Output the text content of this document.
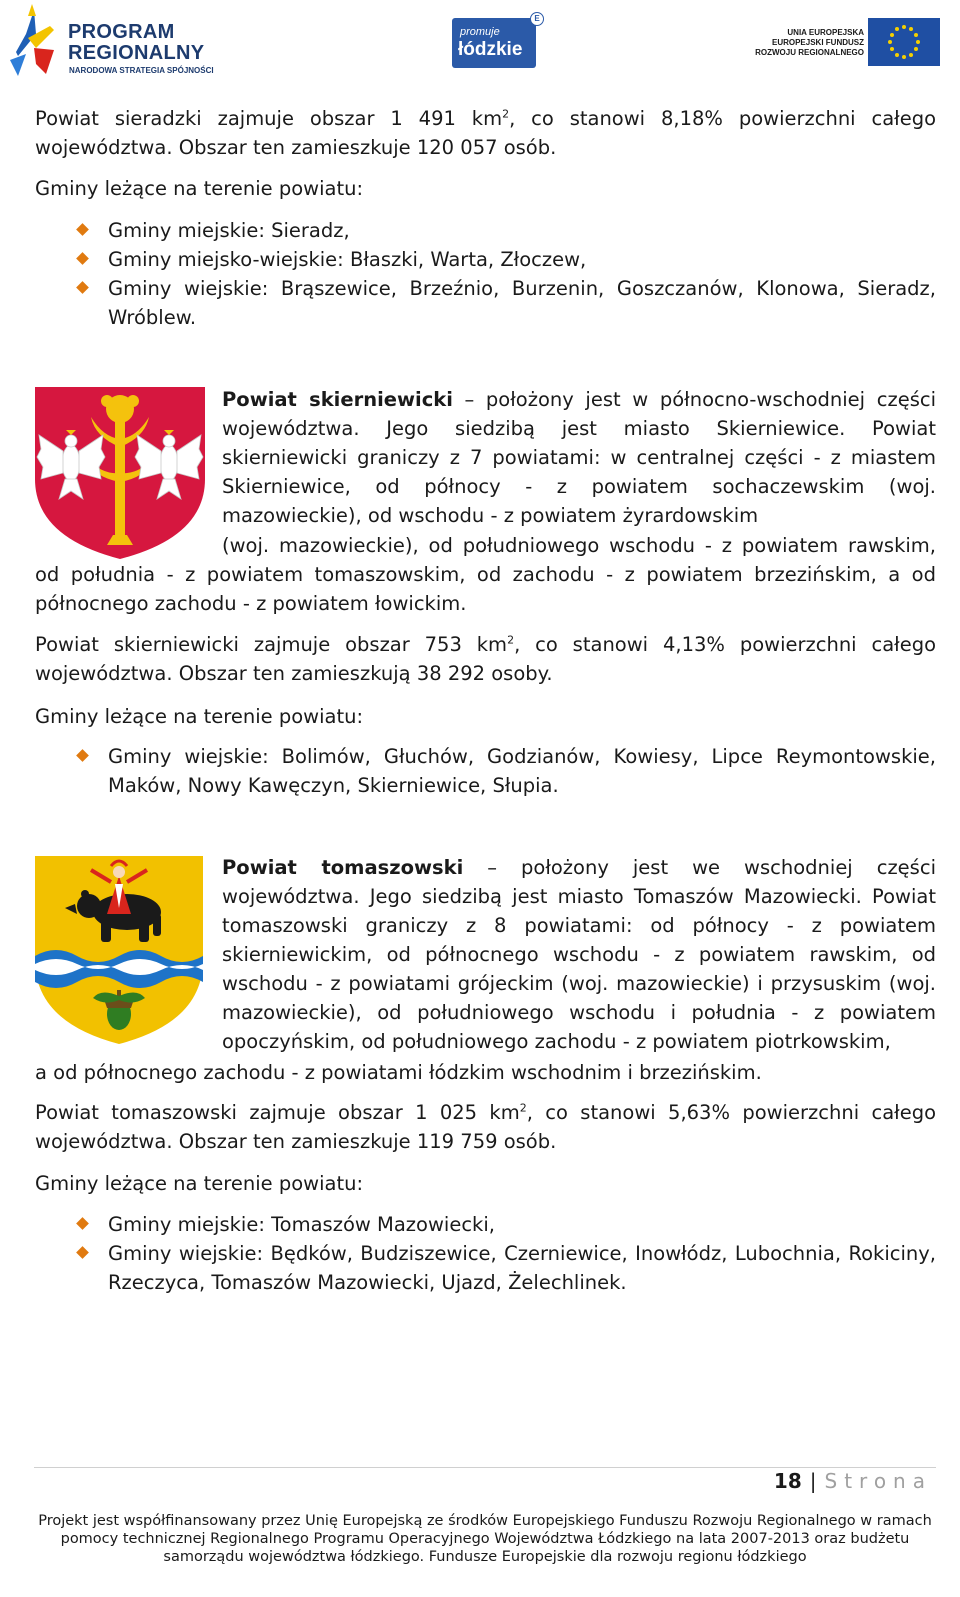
PROGRAM
REGIONALNY
NARODOWA STRATEGIA SPÓJNOŚCI
promuje
łódzkie
E
UNIA EUROPEJSKA
EUROPEJSKI FUNDUSZ
ROZWOJU REGIONALNEGO
Powiat sieradzki zajmuje obszar 1 491 $km^2$, co stanowi 8,18% powierzchni całego województwa. Obszar ten zamieszkuje 120 057 osób.
Gminy leżące na terenie powiatu:
Gminy miejskie: Sieradz,
Gminy miejsko-wiejskie: Błaszki, Warta, Złoczew,
Gminy wiejskie: Brąszewice, Brzeźnio, Burzenin, Goszczanów, Klonowa, Sieradz, Wróblew.
Powiat skierniewicki – położony jest w północno-wschodniej części województwa. Jego siedzibą jest miasto Skierniewice. Powiat skierniewicki graniczy z 7 powiatami: w centralnej części - z miastem Skierniewice, od północy - z powiatem sochaczewskim (woj. mazowieckie), od wschodu - z powiatem żyrardowskim
(woj. mazowieckie), od południowego wschodu - z powiatem rawskim, od południa - z powiatem tomaszowskim, od zachodu - z powiatem brzezińskim, a od północnego zachodu - z powiatem łowickim.
Powiat skierniewicki zajmuje obszar 753 $km^2$, co stanowi 4,13% powierzchni całego województwa. Obszar ten zamieszkują 38 292 osoby.
Gminy leżące na terenie powiatu:
Gminy wiejskie: Bolimów, Głuchów, Godzianów, Kowiesy, Lipce Reymontowskie, Maków, Nowy Kawęczyn, Skierniewice, Słupia.
Powiat tomaszowski – położony jest we wschodniej części województwa. Jego siedzibą jest miasto Tomaszów Mazowiecki. Powiat tomaszowski graniczy z 8 powiatami: od północy - z powiatem skierniewickim, od północnego wschodu - z powiatem rawskim, od wschodu - z powiatami grójeckim (woj. mazowieckie) i przysuskim (woj. mazowieckie), od południowego wschodu i południa - z powiatem opoczyńskim, od południowego zachodu - z powiatem piotrkowskim,
a od północnego zachodu - z powiatami łódzkim wschodnim i brzezińskim.
Powiat tomaszowski zajmuje obszar 1 025 $km^2$, co stanowi 5,63% powierzchni całego województwa. Obszar ten zamieszkuje 119 759 osób.
Gminy leżące na terenie powiatu:
Gminy miejskie: Tomaszów Mazowiecki,
Gminy wiejskie: Będków, Budziszewice, Czerniewice, Inowłódz, Lubochnia, Rokiciny, Rzeczyca, Tomaszów Mazowiecki, Ujazd, Żelechlinek.
18 | Strona
Projekt jest współfinansowany przez Unię Europejską ze środków Europejskiego Funduszu Rozwoju Regionalnego w ramach
pomocy technicznej Regionalnego Programu Operacyjnego Województwa Łódzkiego na lata 2007-2013 oraz budżetu
samorządu województwa łódzkiego. Fundusze Europejskie dla rozwoju regionu łódzkiego
